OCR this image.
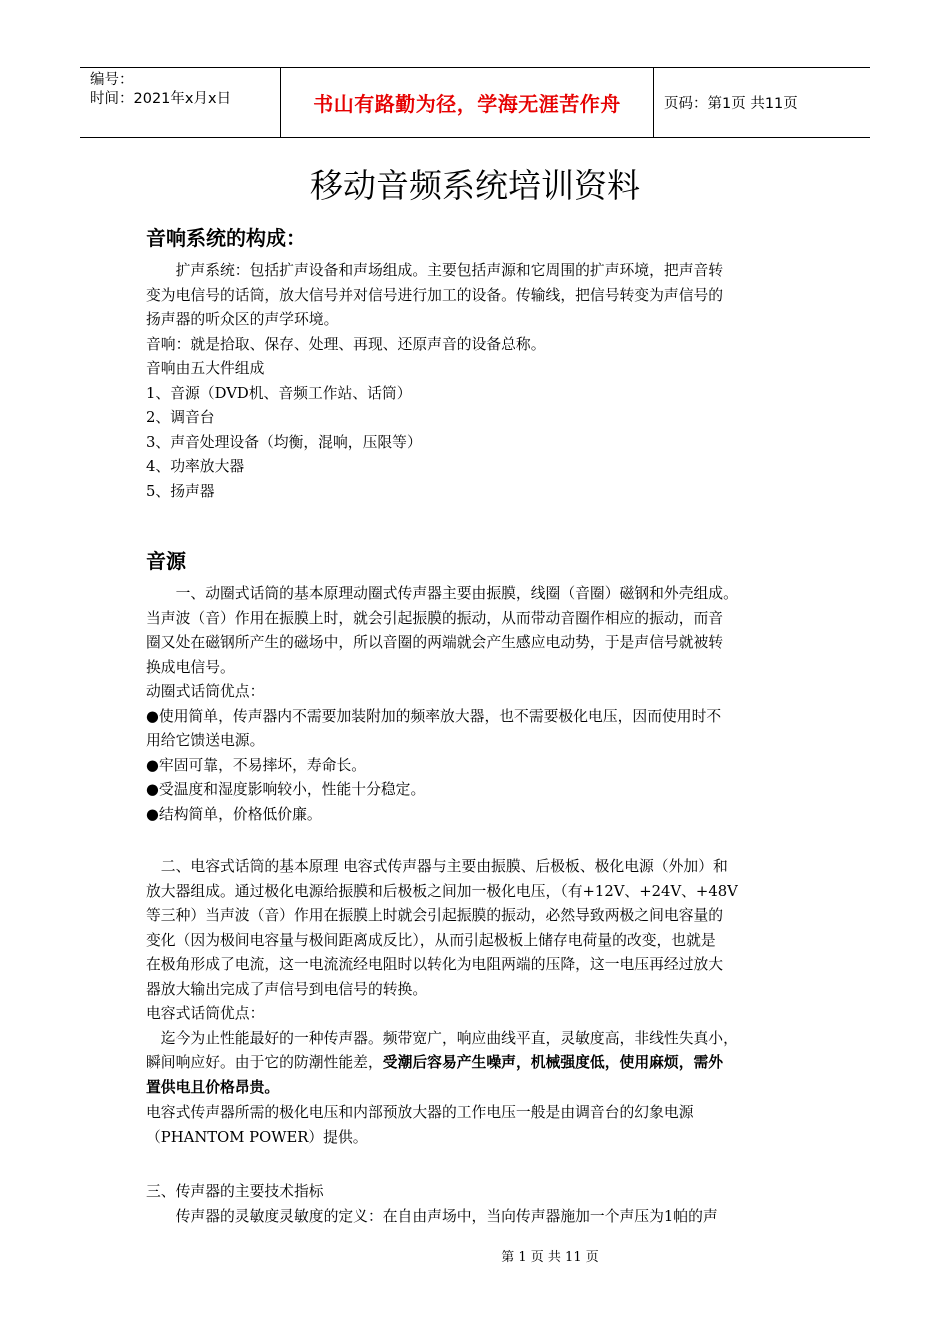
编号：
时间：2021年x月x日	书山有路勤为径，学海无涯苦作舟	页码：第1页 共11页
移动音频系统培训资料
音响系统的构成：
　　扩声系统：包括扩声设备和声场组成。主要包括声源和它周围的扩声环境，把声音转
变为电信号的话筒，放大信号并对信号进行加工的设备。传输线，把信号转变为声信号的
扬声器的听众区的声学环境。
音响：就是拾取、保存、处理、再现、还原声音的设备总称。
音响由五大件组成
1、音源（DVD机、音频工作站、话筒）
2、调音台
3、声音处理设备（均衡，混响，压限等）
4、功率放大器
5、扬声器
音源
　　一、动圈式话筒的基本原理动圈式传声器主要由振膜，线圈（音圈）磁钢和外壳组成。
当声波（音）作用在振膜上时，就会引起振膜的振动，从而带动音圈作相应的振动，而音
圈又处在磁钢所产生的磁场中，所以音圈的两端就会产生感应电动势，于是声信号就被转
换成电信号。
动圈式话筒优点：
●使用简单，传声器内不需要加装附加的频率放大器，也不需要极化电压，因而使用时不
用给它馈送电源。
●牢固可靠，不易摔坏，寿命长。
●受温度和湿度影响较小，性能十分稳定。
●结构简单，价格低价廉。
　二、电容式话筒的基本原理 电容式传声器与主要由振膜、后极板、极化电源（外加）和
放大器组成。通过极化电源给振膜和后极板之间加一极化电压，（有+12V、+24V、+48V
等三种）当声波（音）作用在振膜上时就会引起振膜的振动，必然导致两极之间电容量的
变化（因为极间电容量与极间距离成反比），从而引起极板上储存电荷量的改变，也就是
在极角形成了电流，这一电流流经电阻时以转化为电阻两端的压降，这一电压再经过放大
器放大输出完成了声信号到电信号的转换。
电容式话筒优点：
　迄今为止性能最好的一种传声器。频带宽广，响应曲线平直，灵敏度高，非线性失真小，
瞬间响应好。由于它的防潮性能差，受潮后容易产生噪声，机械强度低，使用麻烦，需外
置供电且价格昂贵。
电容式传声器所需的极化电压和内部预放大器的工作电压一般是由调音台的幻象电源
（PHANTOM POWER）提供。
三、传声器的主要技术指标
　　传声器的灵敏度灵敏度的定义：在自由声场中，当向传声器施加一个声压为1帕的声
第 1 页 共 11 页
